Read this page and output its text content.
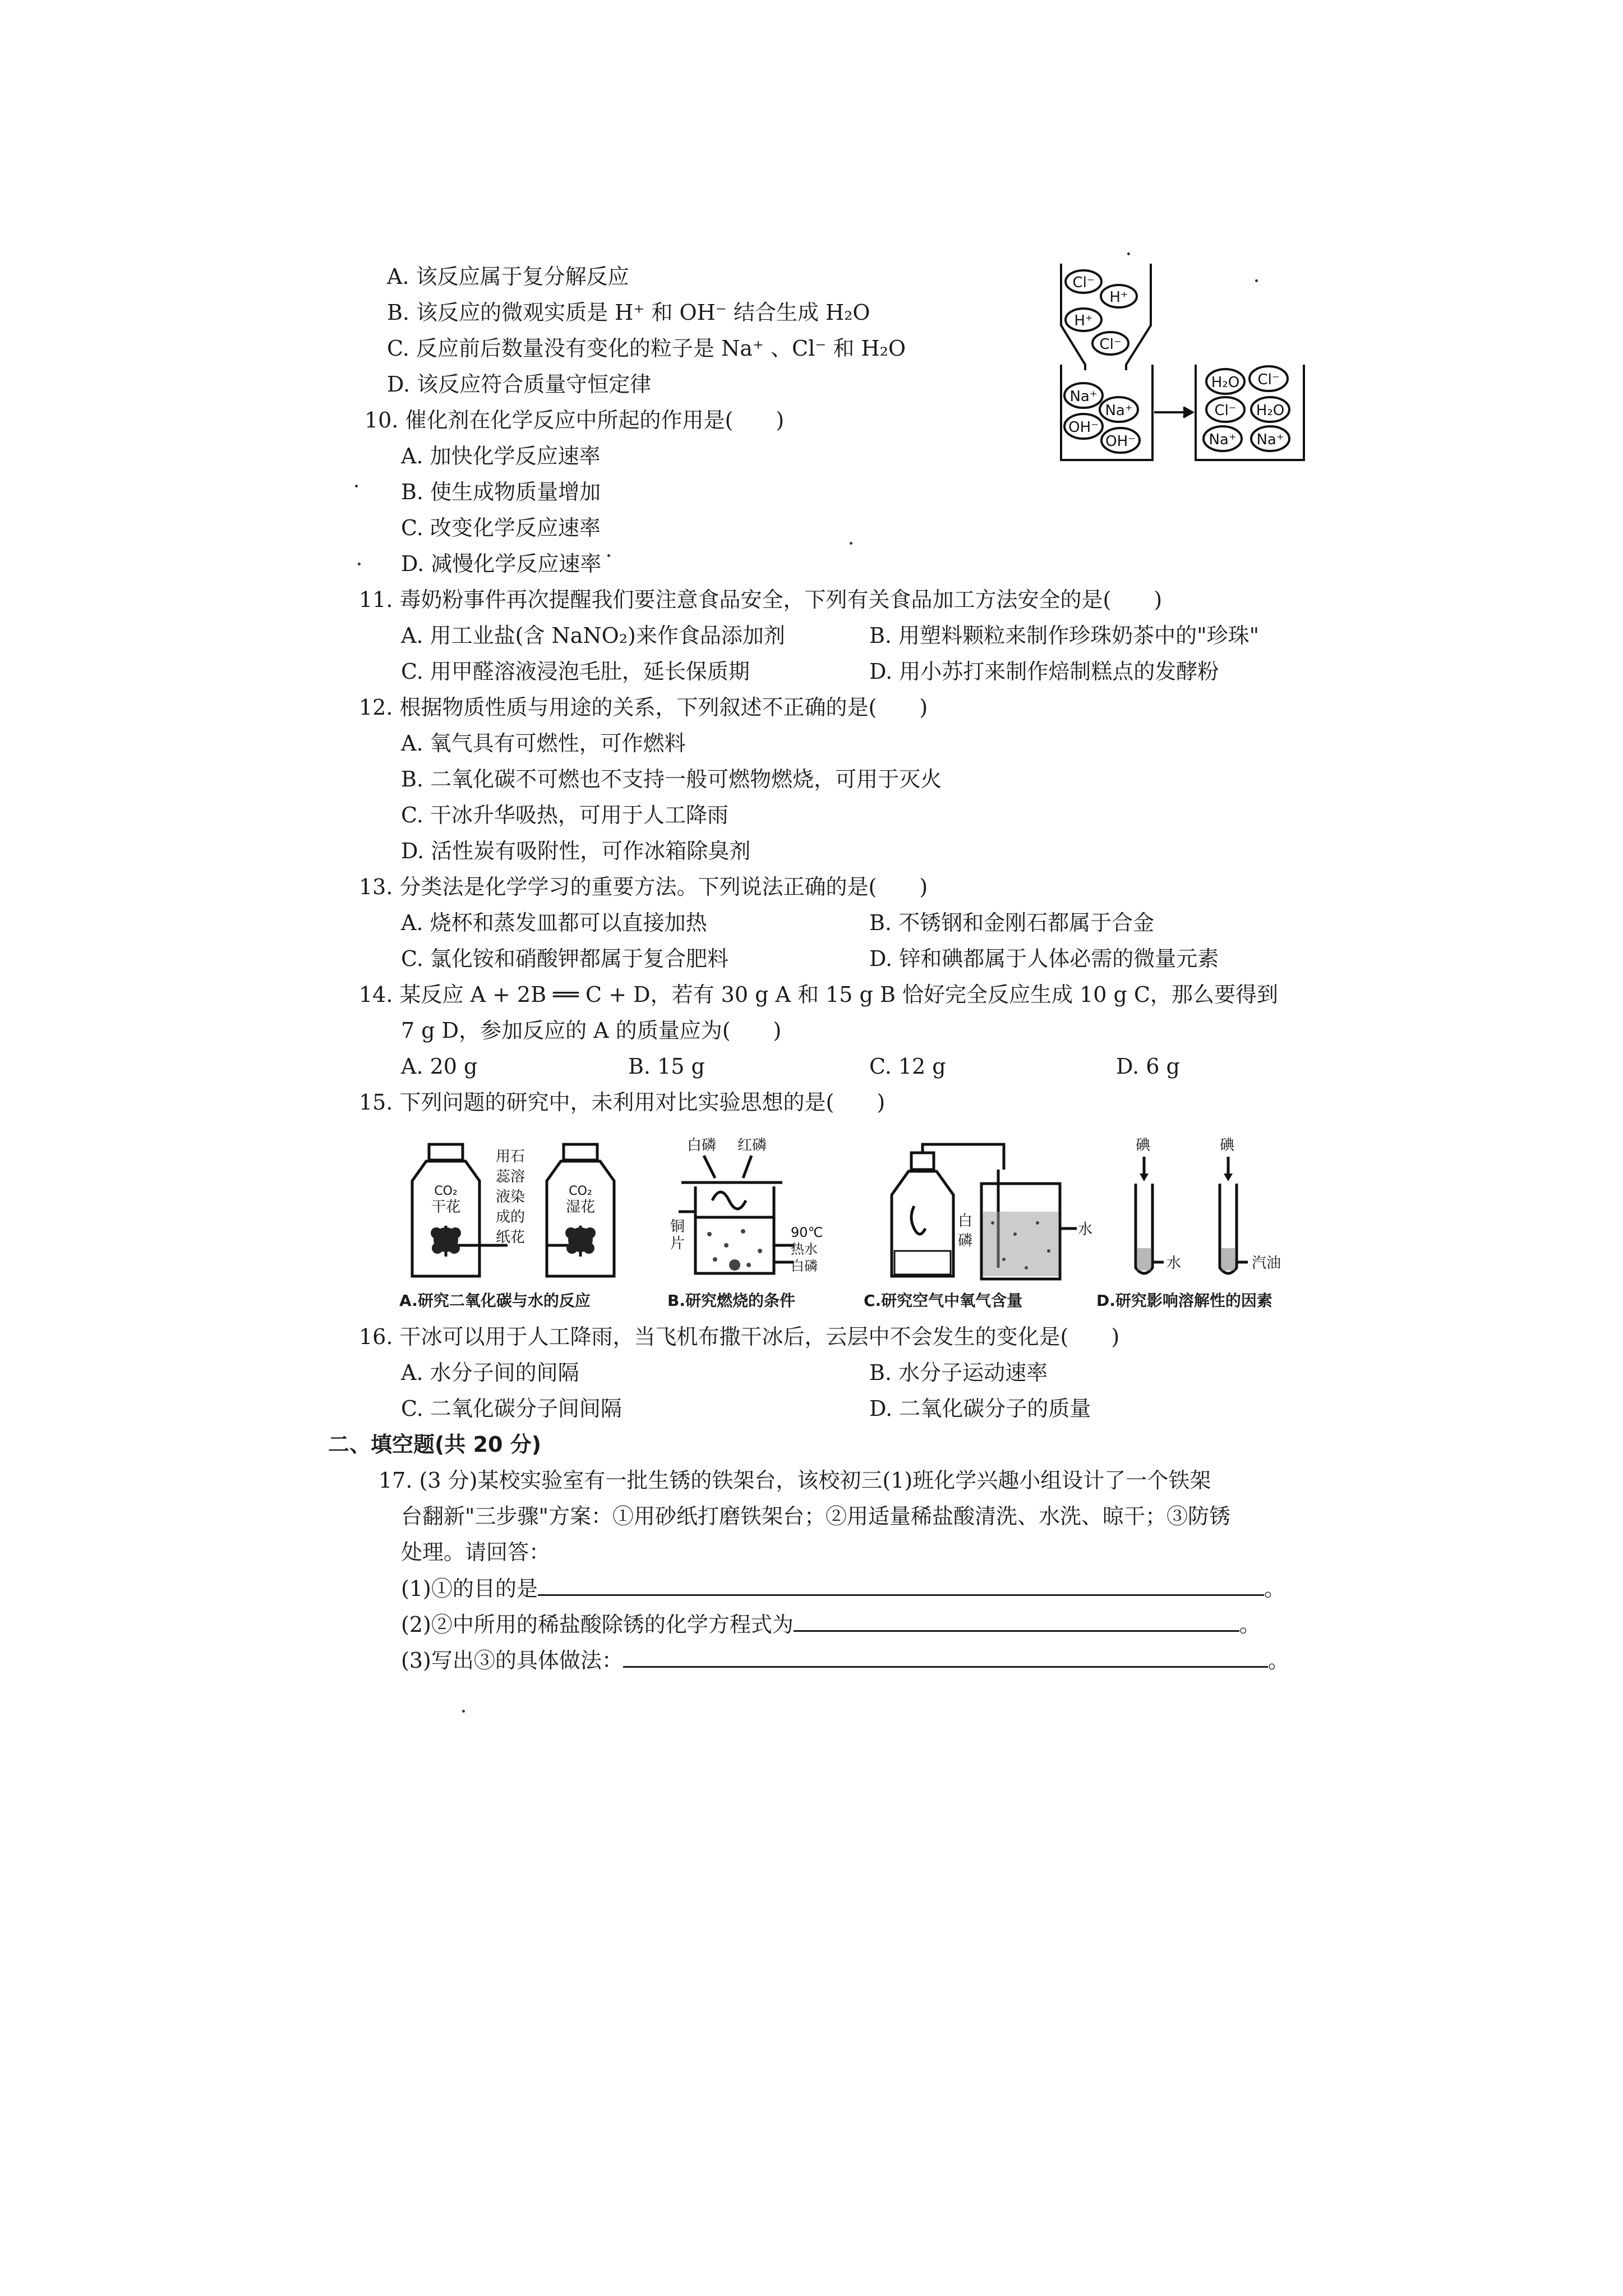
A. 该反应属于复分解反应
B. 该反应的微观实质是 H⁺ 和 OH⁻ 结合生成 H₂O
C. 反应前后数量没有变化的粒子是 Na⁺ 、Cl⁻ 和 H₂O
D. 该反应符合质量守恒定律
Cl⁻
H⁺
H⁺
Cl⁻
Na⁺
Na⁺
OH⁻
OH⁻
H₂O Cl⁻
Cl⁻ H₂O
Na⁺ Na⁺
10. 催化剂在化学反应中所起的作用是(　　)
A. 加快化学反应速率
B. 使生成物质量增加
C. 改变化学反应速率
D. 减慢化学反应速率
11. 毒奶粉事件再次提醒我们要注意食品安全，下列有关食品加工方法安全的是(　　)
A. 用工业盐(含 NaNO₂)来作食品添加剂	B. 用塑料颗粒来制作珍珠奶茶中的"珍珠"
C. 用甲醛溶液浸泡毛肚，延长保质期	D. 用小苏打来制作焙制糕点的发酵粉
12. 根据物质性质与用途的关系，下列叙述不正确的是(　　)
A. 氧气具有可燃性，可作燃料
B. 二氧化碳不可燃也不支持一般可燃物燃烧，可用于灭火
C. 干冰升华吸热，可用于人工降雨
D. 活性炭有吸附性，可作冰箱除臭剂
13. 分类法是化学学习的重要方法。下列说法正确的是(　　)
A. 烧杯和蒸发皿都可以直接加热	B. 不锈钢和金刚石都属于合金
C. 氯化铵和硝酸钾都属于复合肥料	D. 锌和碘都属于人体必需的微量元素
14. 某反应 A + 2B ══ C + D，若有 30 g A 和 15 g B 恰好完全反应生成 10 g C，那么要得到
7 g D，参加反应的 A 的质量应为(　　)
A. 20 g	B. 15 g	C. 12 g	D. 6 g
15. 下列问题的研究中，未利用对比实验思想的是(　　)
CO₂
干花
CO₂
湿花
用石
蕊溶
液染
成的
纸花
A.研究二氧化碳与水的反应
白磷 红磷
铜
片
90℃
热水
白磷
B.研究燃烧的条件
白
磷
水
C.研究空气中氧气含量
碘	碘
水	汽油
D.研究影响溶解性的因素
16. 干冰可以用于人工降雨，当飞机布撒干冰后，云层中不会发生的变化是(　　)
A. 水分子间的间隔	B. 水分子运动速率
C. 二氧化碳分子间间隔	D. 二氧化碳分子的质量
二、填空题(共 20 分)
17. (3 分)某校实验室有一批生锈的铁架台，该校初三(1)班化学兴趣小组设计了一个铁架
台翻新"三步骤"方案：①用砂纸打磨铁架台；②用适量稀盐酸清洗、水洗、晾干；③防锈
处理。请回答：
(1)①的目的是	。
(2)②中所用的稀盐酸除锈的化学方程式为	。
(3)写出③的具体做法：	。
